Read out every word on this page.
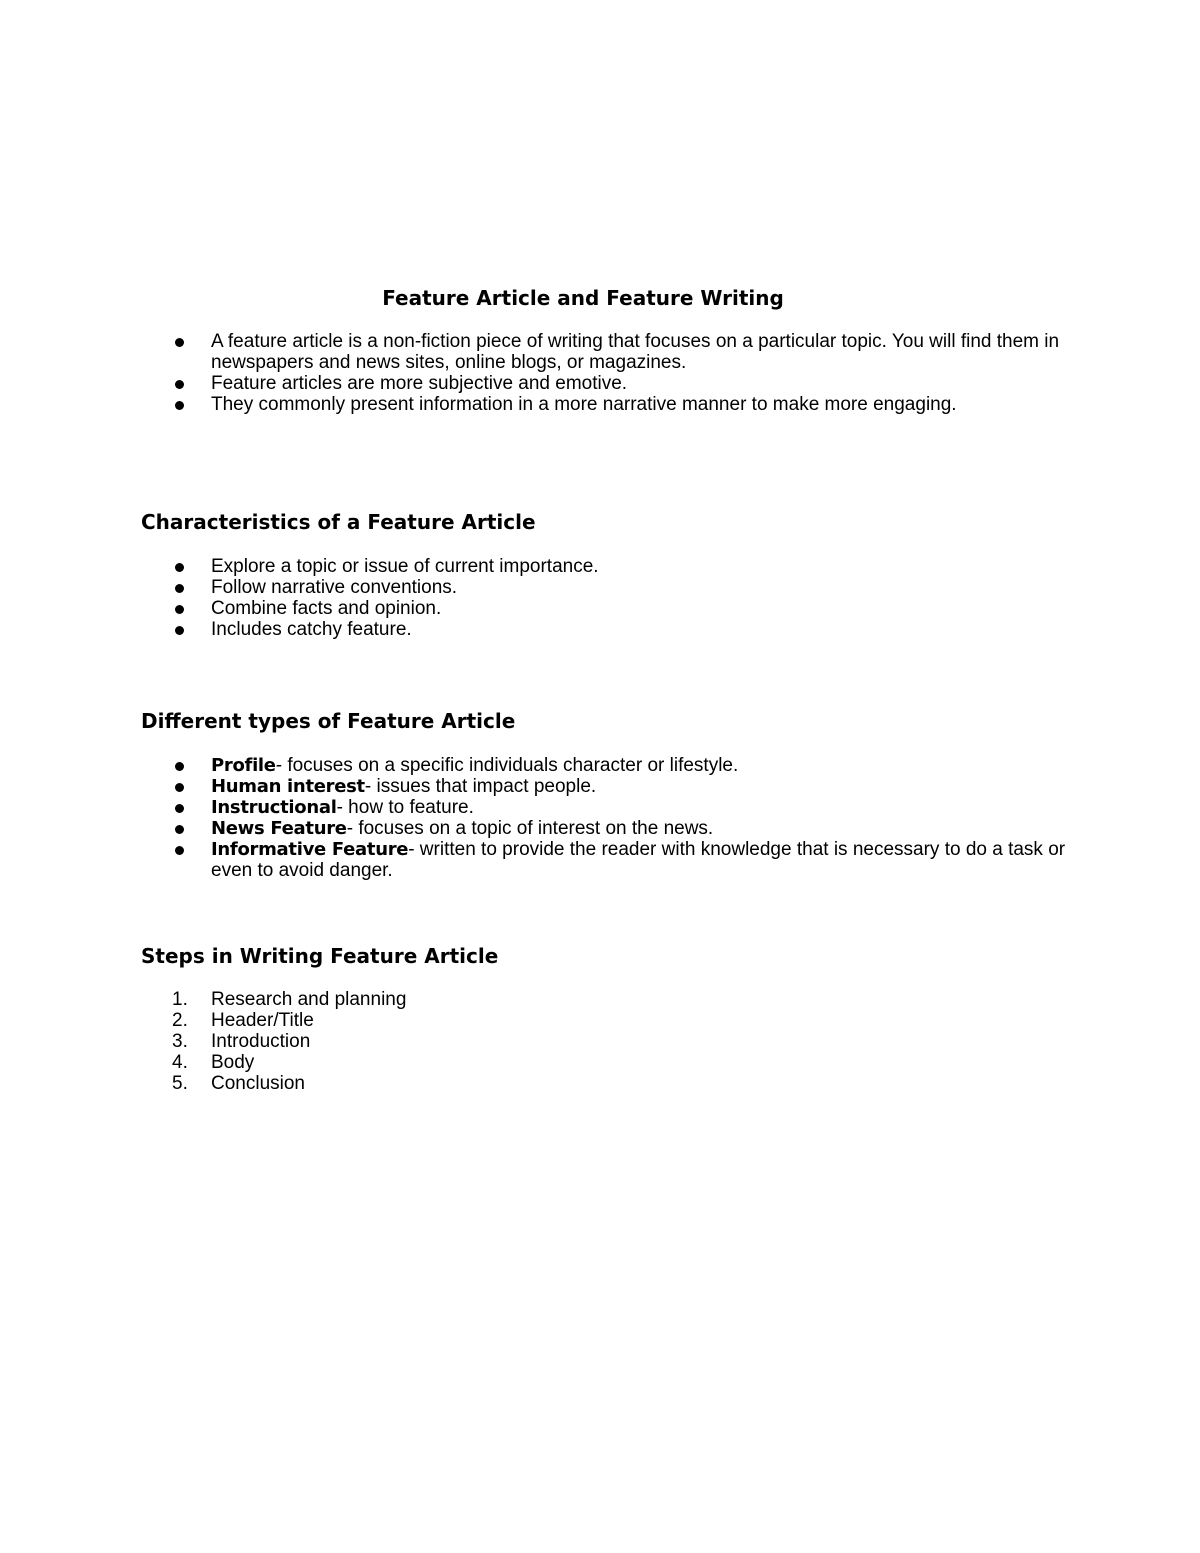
Feature Article and Feature Writing
A feature article is a non-fiction piece of writing that focuses on a particular topic. You will find them in newspapers and news sites, online blogs, or magazines.
Feature articles are more subjective and emotive.
They commonly present information in a more narrative manner to make more engaging.
Characteristics of a Feature Article
Explore a topic or issue of current importance.
Follow narrative conventions.
Combine facts and opinion.
Includes catchy feature.
Different types of Feature Article
Profile- focuses on a specific individuals character or lifestyle.
Human interest- issues that impact people.
Instructional- how to feature.
News Feature- focuses on a topic of interest on the news.
Informative Feature- written to provide the reader with knowledge that is necessary to do a task or even to avoid danger.
Steps in Writing Feature Article
1.	Research and planning
2.	Header/Title
3.	Introduction
4.	Body
5.	Conclusion
